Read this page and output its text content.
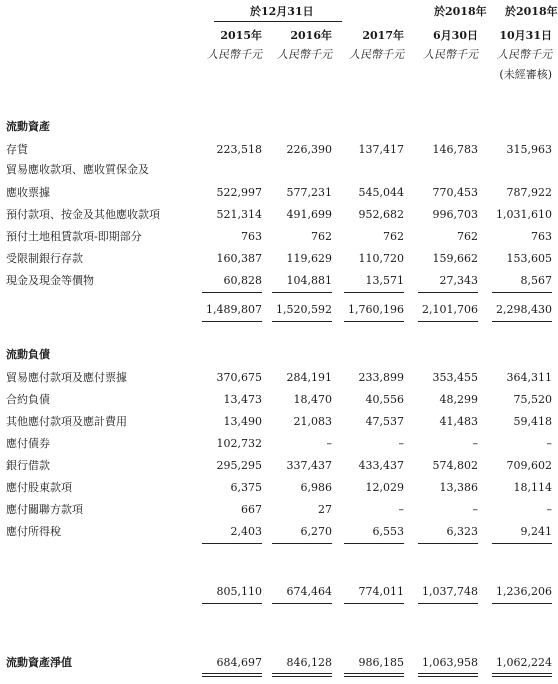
於12月31日	於2018年 於2018年
2015年	2016年	2017年	6月30日 10月31日
人民幣千元 人民幣千元 人民幣千元 人民幣千元 人民幣千元
(未經審核)
流動資產
存貨	223,518 226,390 137,417	146,783	315,963
貿易應收款項、應收質保金及
應收票據	522,997 577,231 545,044	770,453	787,922
預付款項、按金及其他應收款項	521,314 491,699 952,682	996,703 1,031,610
預付土地租賃款項-即期部分	763	762	762	762	763
受限制銀行存款	160,387 119,629 110,720	159,662	153,605
現金及現金等價物	60,828 104,881	13,571	27,343	8,567
1,489,807 1,520,592 1,760,196 2,101,706 2,298,430
流動負債
貿易應付款項及應付票據	370,675 284,191 233,899	353,455	364,311
合約負債	13,473	18,470	40,556	48,299	75,520
其他應付款項及應計費用	13,490	21,083	47,537	41,483	59,418
應付債券	102,732	–	–	–	–
銀行借款	295,295 337,437 433,437	574,802	709,602
應付股東款項	6,375	6,986	12,029	13,386	18,114
應付關聯方款項	667	27	–	–	–
應付所得稅	2,403	6,270	6,553	6,323	9,241
805,110 674,464 774,011 1,037,748 1,236,206
流動資產淨值	684,697 846,128 986,185 1,063,958 1,062,224
